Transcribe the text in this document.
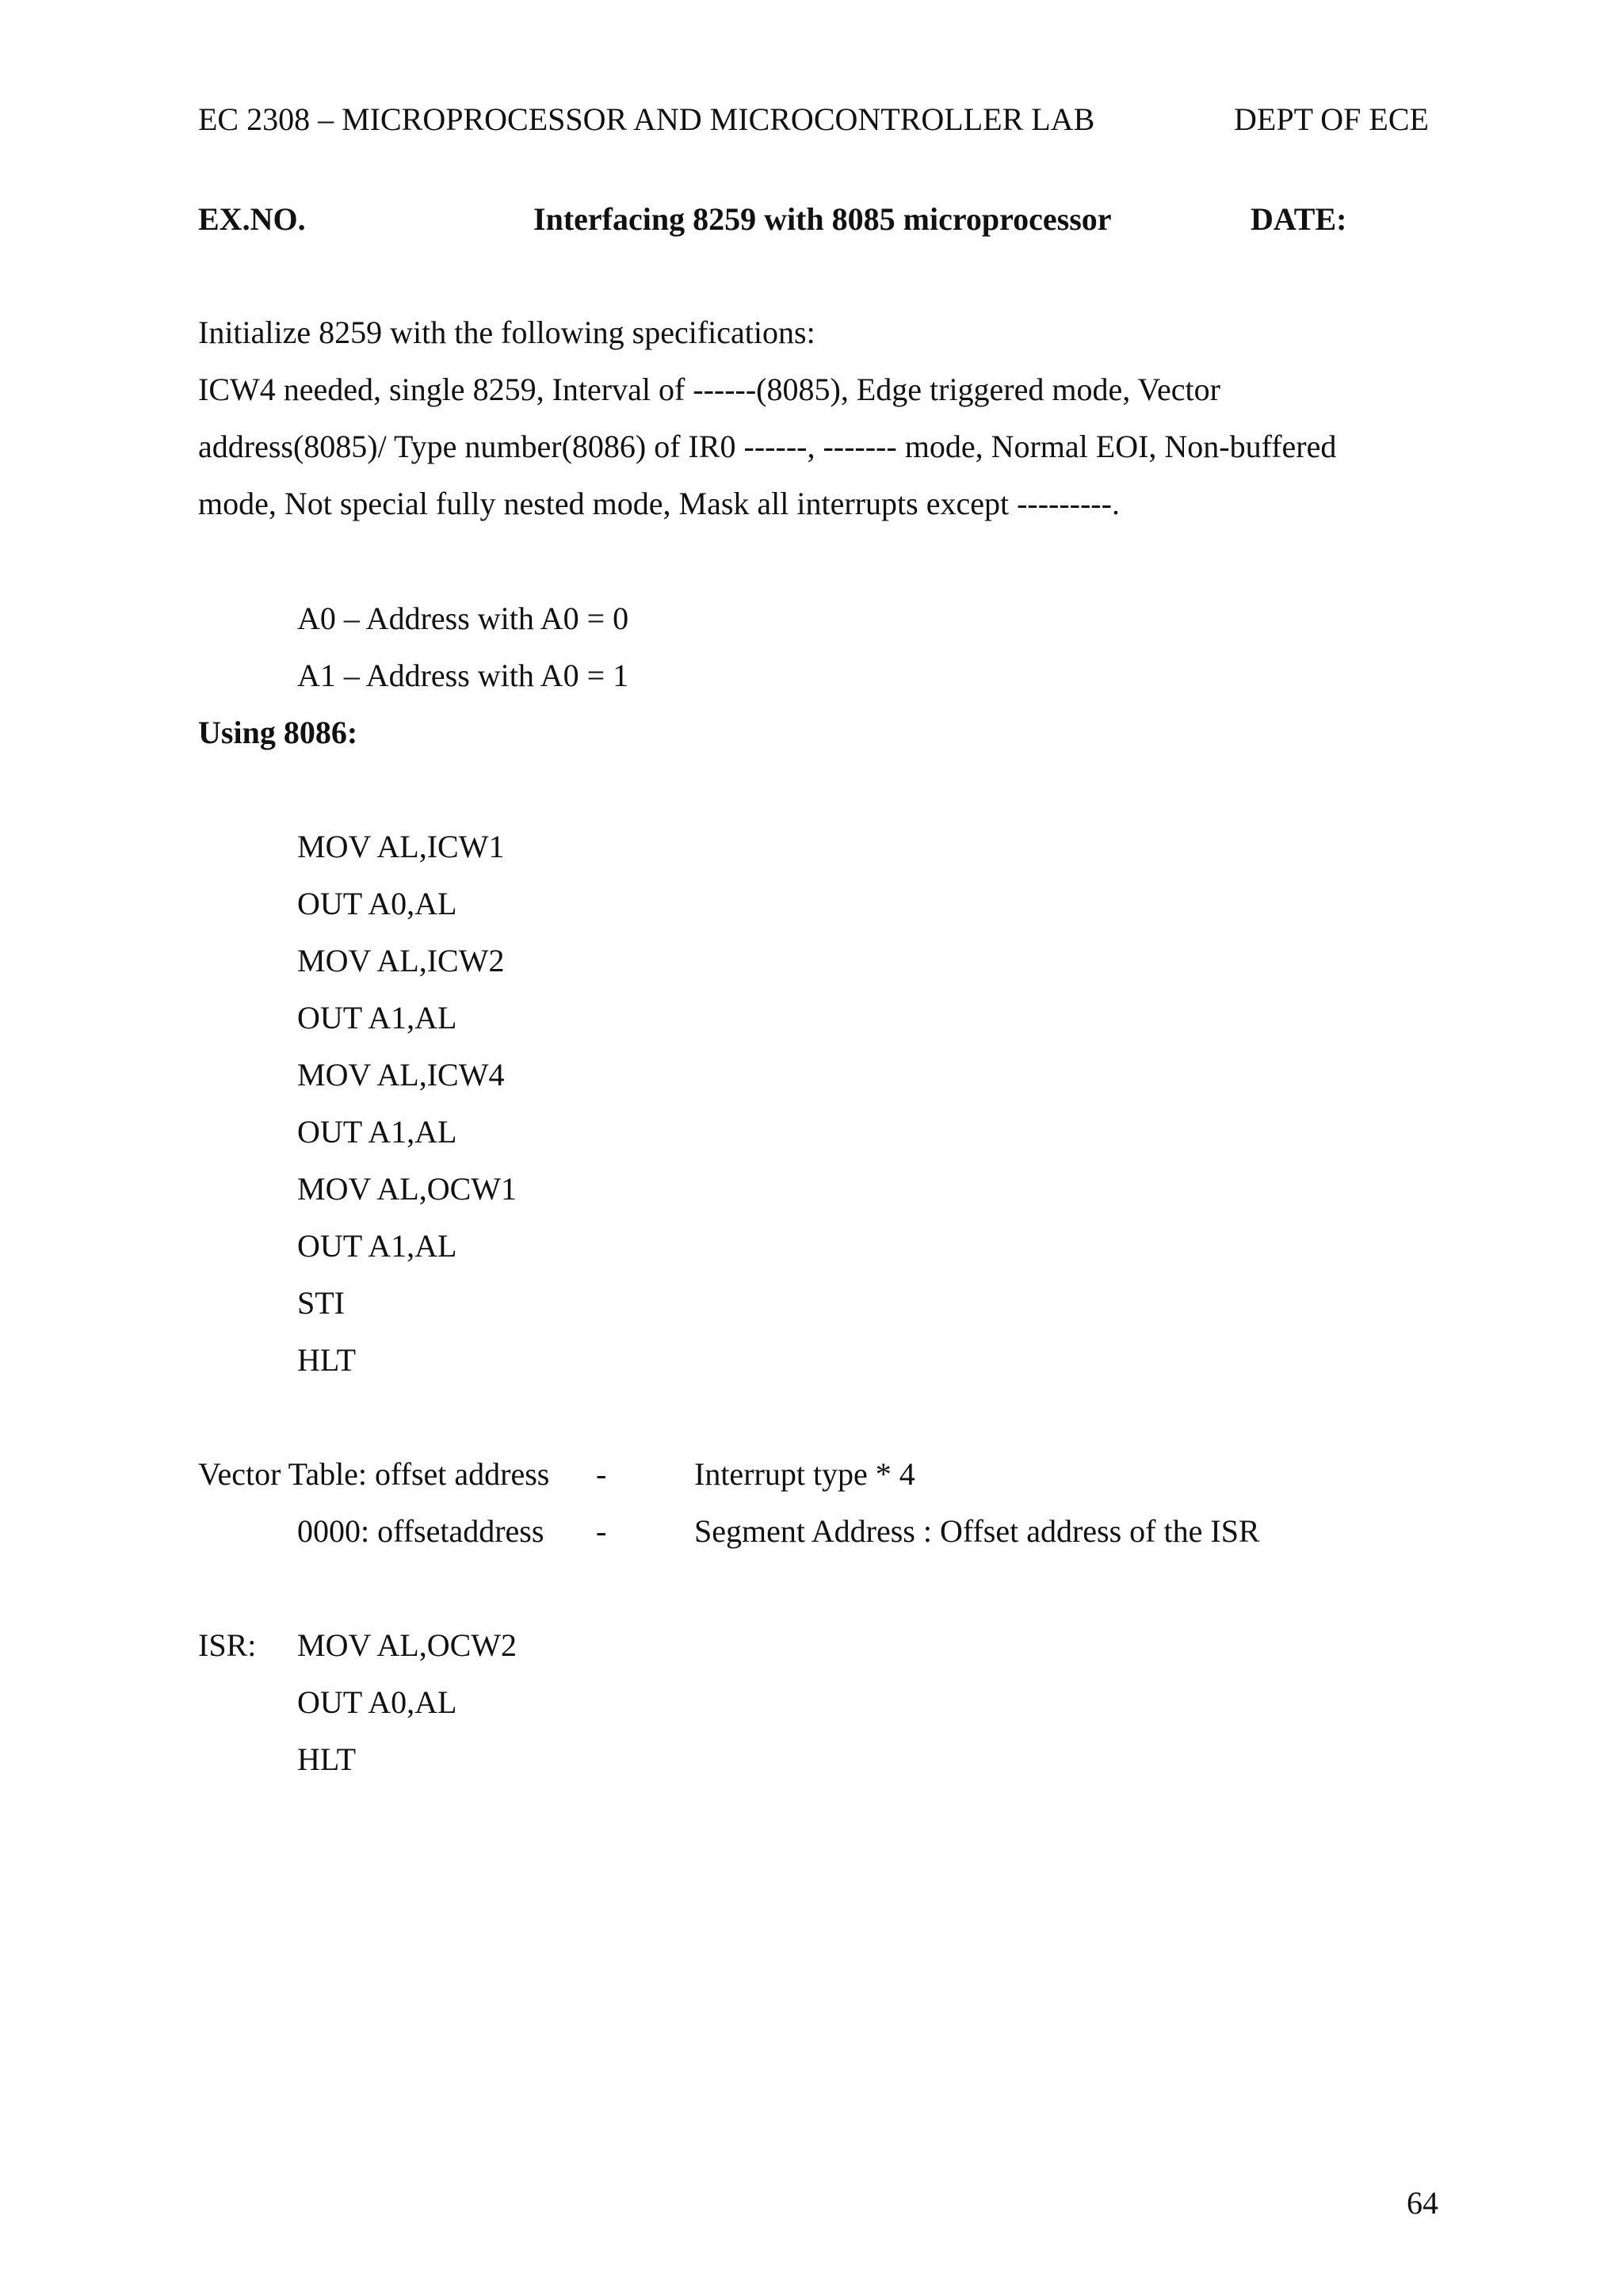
EC 2308 – MICROPROCESSOR AND MICROCONTROLLER LAB	DEPT OF ECE
EX.NO.	Interfacing 8259 with 8085 microprocessor	DATE:
Initialize 8259 with the following specifications:
ICW4 needed, single 8259, Interval of ------(8085), Edge triggered mode, Vector
address(8085)/ Type number(8086) of IR0 ------, ------- mode, Normal EOI, Non-buffered
mode, Not special fully nested mode, Mask all interrupts except ---------.
A0 – Address with A0 = 0
A1 – Address with A0 = 1
Using 8086:
MOV AL,ICW1
OUT A0,AL
MOV AL,ICW2
OUT A1,AL
MOV AL,ICW4
OUT A1,AL
MOV AL,OCW1
OUT A1,AL
STI
HLT
Vector Table: offset address -	Interrupt type * 4
0000: offsetaddress -	Segment Address : Offset address of the ISR
ISR: MOV AL,OCW2
OUT A0,AL
HLT
64
